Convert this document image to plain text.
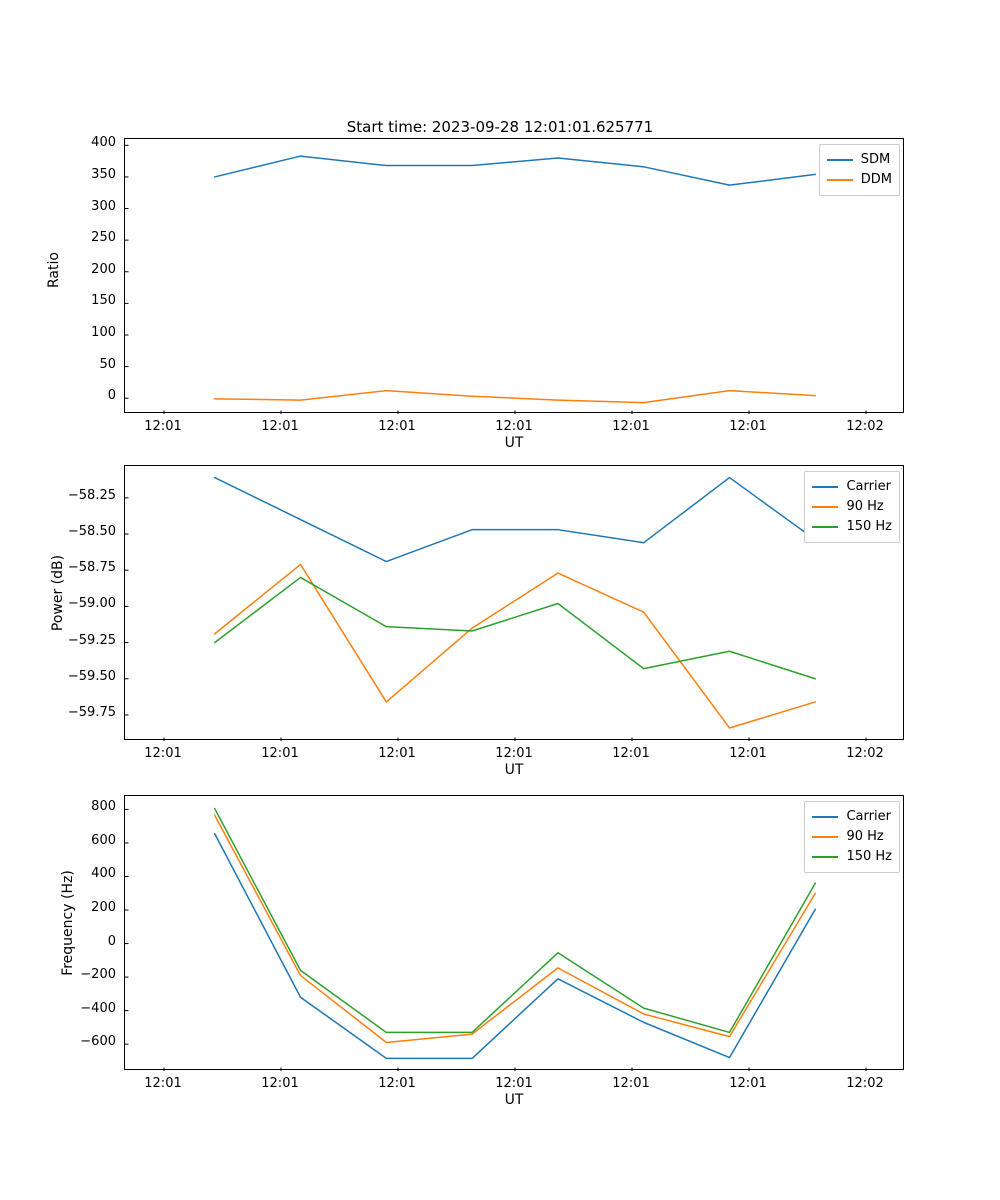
Start time: 2023-09-28 12:01:01.625771
Ratio
0
50
100
150
200
250
300
350
400
12:01	12:01	12:01	12:01	12:01	12:01	12:02
UT
SDM
DDM
Power (dB)
−59.75
−59.50
−59.25
−59.00
−58.75
−58.50
−58.25
12:01	12:01	12:01	12:01	12:01	12:01	12:02
UT
Carrier
90 Hz
150 Hz
Frequency (Hz)
−600
−400
−200
0
200
400
600
800
12:01	12:01	12:01	12:01	12:01	12:01	12:02
UT
Carrier
90 Hz
150 Hz
